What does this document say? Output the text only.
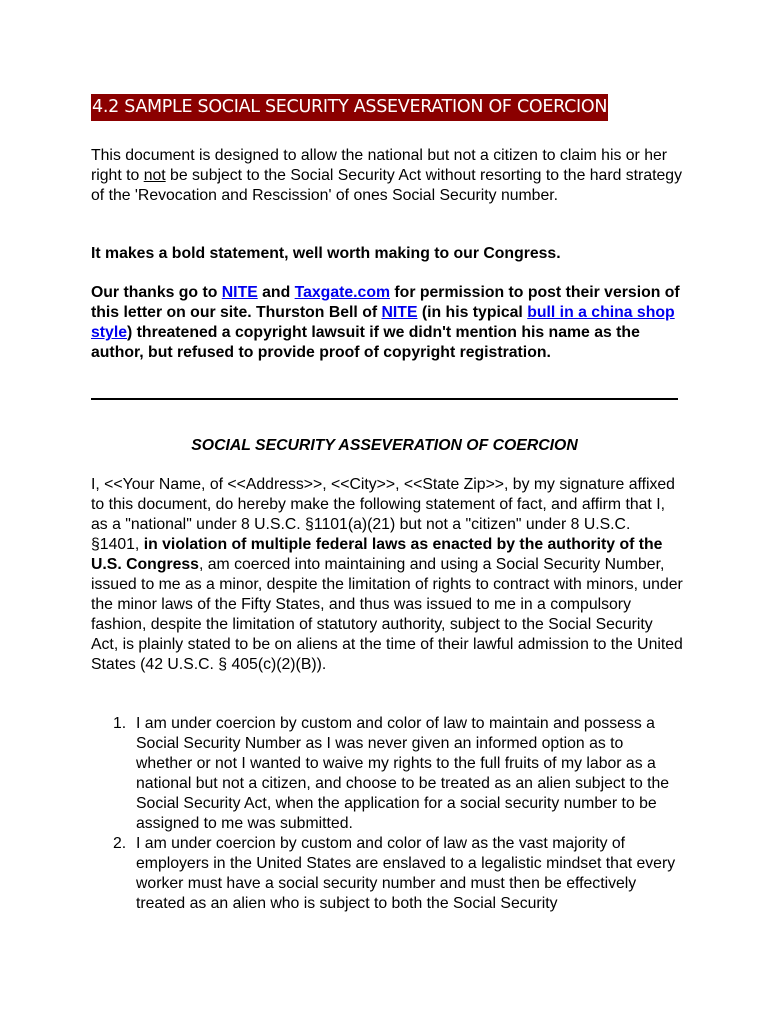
4.2 SAMPLE SOCIAL SECURITY ASSEVERATION OF COERCION

This document is designed to allow the national but not a citizen to claim his or her right to not be subject to the Social Security Act without resorting to the hard strategy of the 'Revocation and Rescission' of ones Social Security number.

It makes a bold statement, well worth making to our Congress.

Our thanks go to NITE and Taxgate.com for permission to post their version of this letter on our site. Thurston Bell of NITE (in his typical bull in a china shop style) threatened a copyright lawsuit if we didn't mention his name as the author, but refused to provide proof of copyright registration.

SOCIAL SECURITY ASSEVERATION OF COERCION

I, <<Your Name, of <<Address>>, <<City>>, <<State Zip>>, by my signature affixed to this document, do hereby make the following statement of fact, and affirm that I, as a "national" under 8 U.S.C. §1101(a)(21) but not a "citizen" under 8 U.S.C. §1401, in violation of multiple federal laws as enacted by the authority of the U.S. Congress, am coerced into maintaining and using a Social Security Number, issued to me as a minor, despite the limitation of rights to contract with minors, under the minor laws of the Fifty States, and thus was issued to me in a compulsory fashion, despite the limitation of statutory authority, subject to the Social Security Act, is plainly stated to be on aliens at the time of their lawful admission to the United States (42 U.S.C. § 405(c)(2)(B)).

1. I am under coercion by custom and color of law to maintain and possess a Social Security Number as I was never given an informed option as to whether or not I wanted to waive my rights to the full fruits of my labor as a national but not a citizen, and choose to be treated as an alien subject to the Social Security Act, when the application for a social security number to be assigned to me was submitted.
2. I am under coercion by custom and color of law as the vast majority of employers in the United States are enslaved to a legalistic mindset that every worker must have a social security number and must then be effectively treated as an alien who is subject to both the Social Security
